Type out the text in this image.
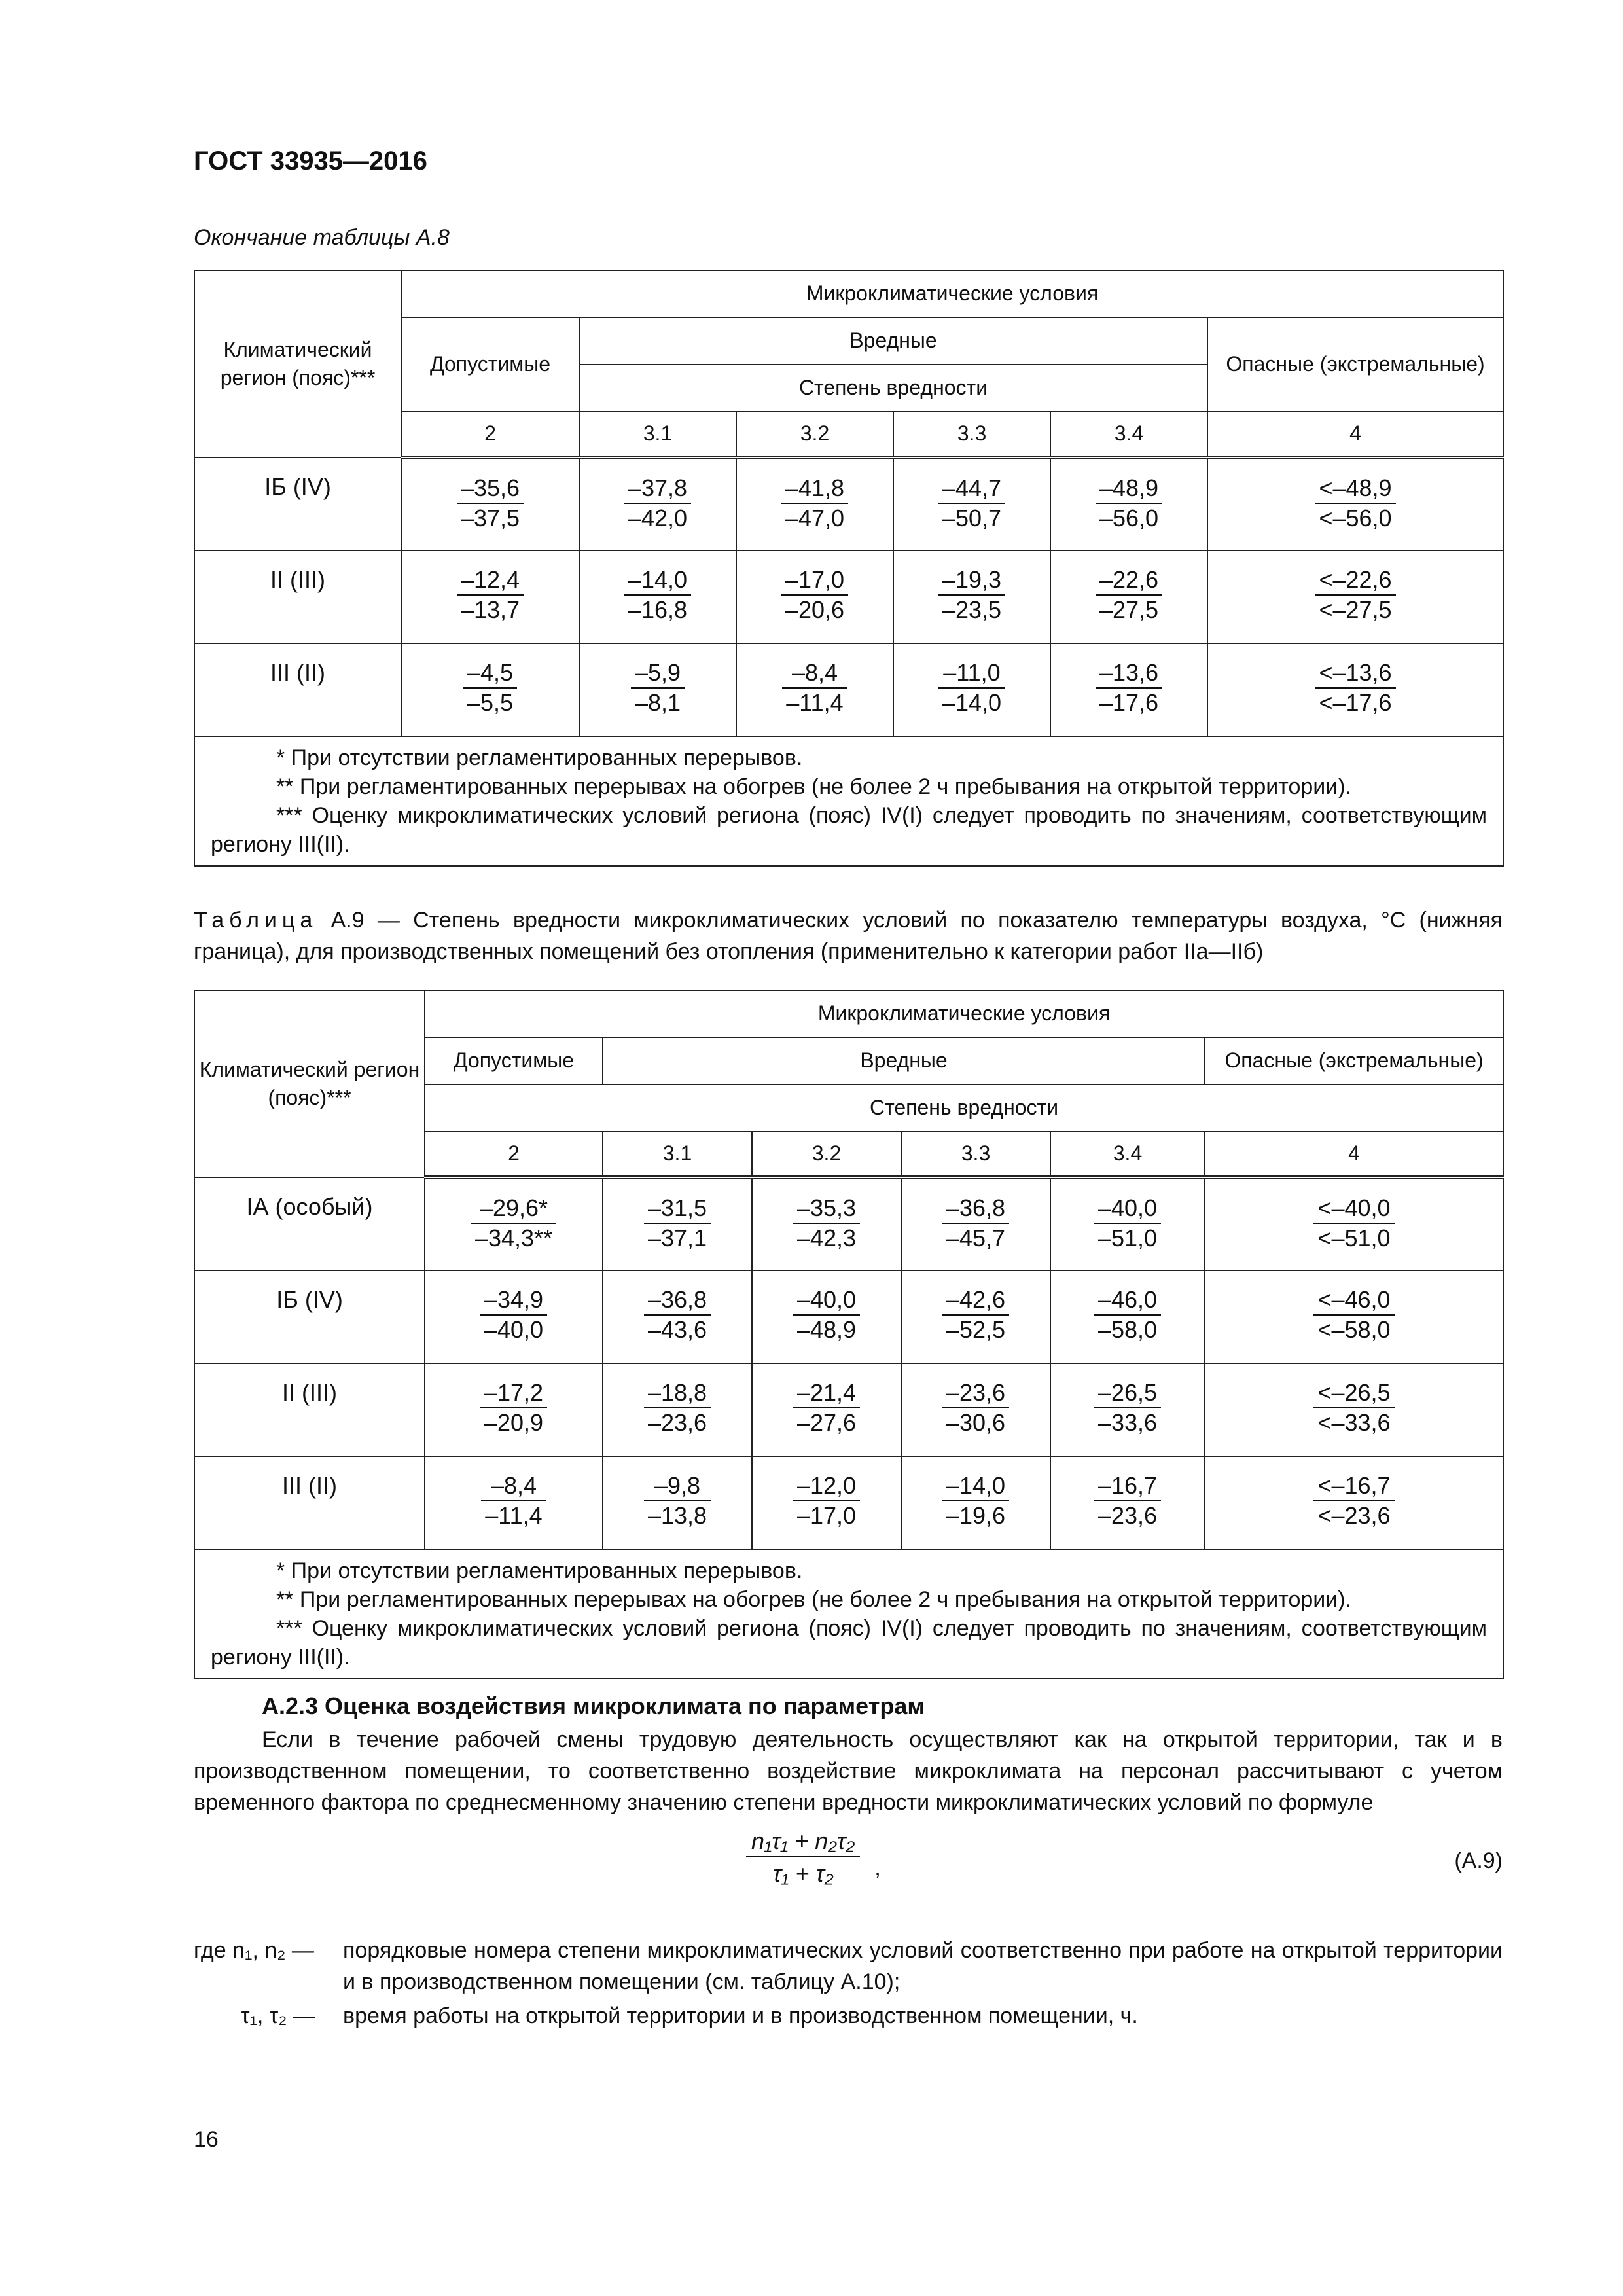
ГОСТ 33935—2016
Окончание таблицы А.8
Климатический регион (пояс)***	Микроклиматические условия					
	Допустимые	Вредные				Опасные (экстремальные)
		Степень вредности				
	2	3.1	3.2	3.3	3.4	4
IБ (IV)	$\frac{-35,6}{-37,5}$	$\frac{-37,8}{-42,0}$	$\frac{-41,8}{-47,0}$	$\frac{-44,7}{-50,7}$	$\frac{-48,9}{-56,0}$	$\frac{<-48,9}{<-56,0}$

II (III)	$\frac{-12,4}{-13,7}$	$\frac{-14,0}{-16,8}$	$\frac{-17,0}{-20,6}$	$\frac{-19,3}{-23,5}$	$\frac{-22,6}{-27,5}$	$\frac{<-22,6}{<-27,5}$

III (II)	$\frac{-4,5}{-5,5}$	$\frac{-5,9}{-8,1}$	$\frac{-8,4}{-11,4}$	$\frac{-11,0}{-14,0}$	$\frac{-13,6}{-17,6}$	$\frac{<-13,6}{<-17,6}$

* При отсутствии регламентированных перерывов.
** При регламентированных перерывах на обогрев (не более 2 ч пребывания на открытой территории).
*** Оценку микроклиматических условий региона (пояс) IV(I) следует проводить по значениям, соответствующим региону III(II).						
Таблица А.9 — Степень вредности микроклиматических условий по показателю температуры воздуха, °С (нижняя граница), для производственных помещений без отопления (применительно к категории работ IIа—IIб)
Климатический регион (пояс)***	Микроклиматические условия					
	Допустимые	Вредные				Опасные (экстремальные)
	Степень вредности					
	2	3.1	3.2	3.3	3.4	4
IА (особый)	$\frac{-29,6*}{-34,3**}$	$\frac{-31,5}{-37,1}$	$\frac{-35,3}{-42,3}$	$\frac{-36,8}{-45,7}$	$\frac{-40,0}{-51,0}$	$\frac{<-40,0}{<-51,0}$

IБ (IV)	$\frac{-34,9}{-40,0}$	$\frac{-36,8}{-43,6}$	$\frac{-40,0}{-48,9}$	$\frac{-42,6}{-52,5}$	$\frac{-46,0}{-58,0}$	$\frac{<-46,0}{<-58,0}$

II (III)	$\frac{-17,2}{-20,9}$	$\frac{-18,8}{-23,6}$	$\frac{-21,4}{-27,6}$	$\frac{-23,6}{-30,6}$	$\frac{-26,5}{-33,6}$	$\frac{<-26,5}{<-33,6}$

III (II)	$\frac{-8,4}{-11,4}$	$\frac{-9,8}{-13,8}$	$\frac{-12,0}{-17,0}$	$\frac{-14,0}{-19,6}$	$\frac{-16,7}{-23,6}$	$\frac{<-16,7}{<-23,6}$

* При отсутствии регламентированных перерывов.
** При регламентированных перерывах на обогрев (не более 2 ч пребывания на открытой территории).
*** Оценку микроклиматических условий региона (пояс) IV(I) следует проводить по значениям, соответствующим региону III(II).						
А.2.3 Оценка воздействия микроклимата по параметрам
Если в течение рабочей смены трудовую деятельность осуществляют как на открытой территории, так и в производственном помещении, то соответственно воздействие микроклимата на персонал рассчитывают с учетом временного фактора по среднесменному значению степени вредности микроклиматических условий по формуле
$\frac{\text{n₁τ₁ + n₂τ₂}}{\text{τ₁ + τ₂}}$ ,	(А.9)
где n₁, n₂ — порядковые номера степени микроклиматических условий соответственно при работе на открытой территории и в производственном помещении (см. таблицу А.10);
τ₁, τ₂ — время работы на открытой территории и в производственном помещении, ч.
16
